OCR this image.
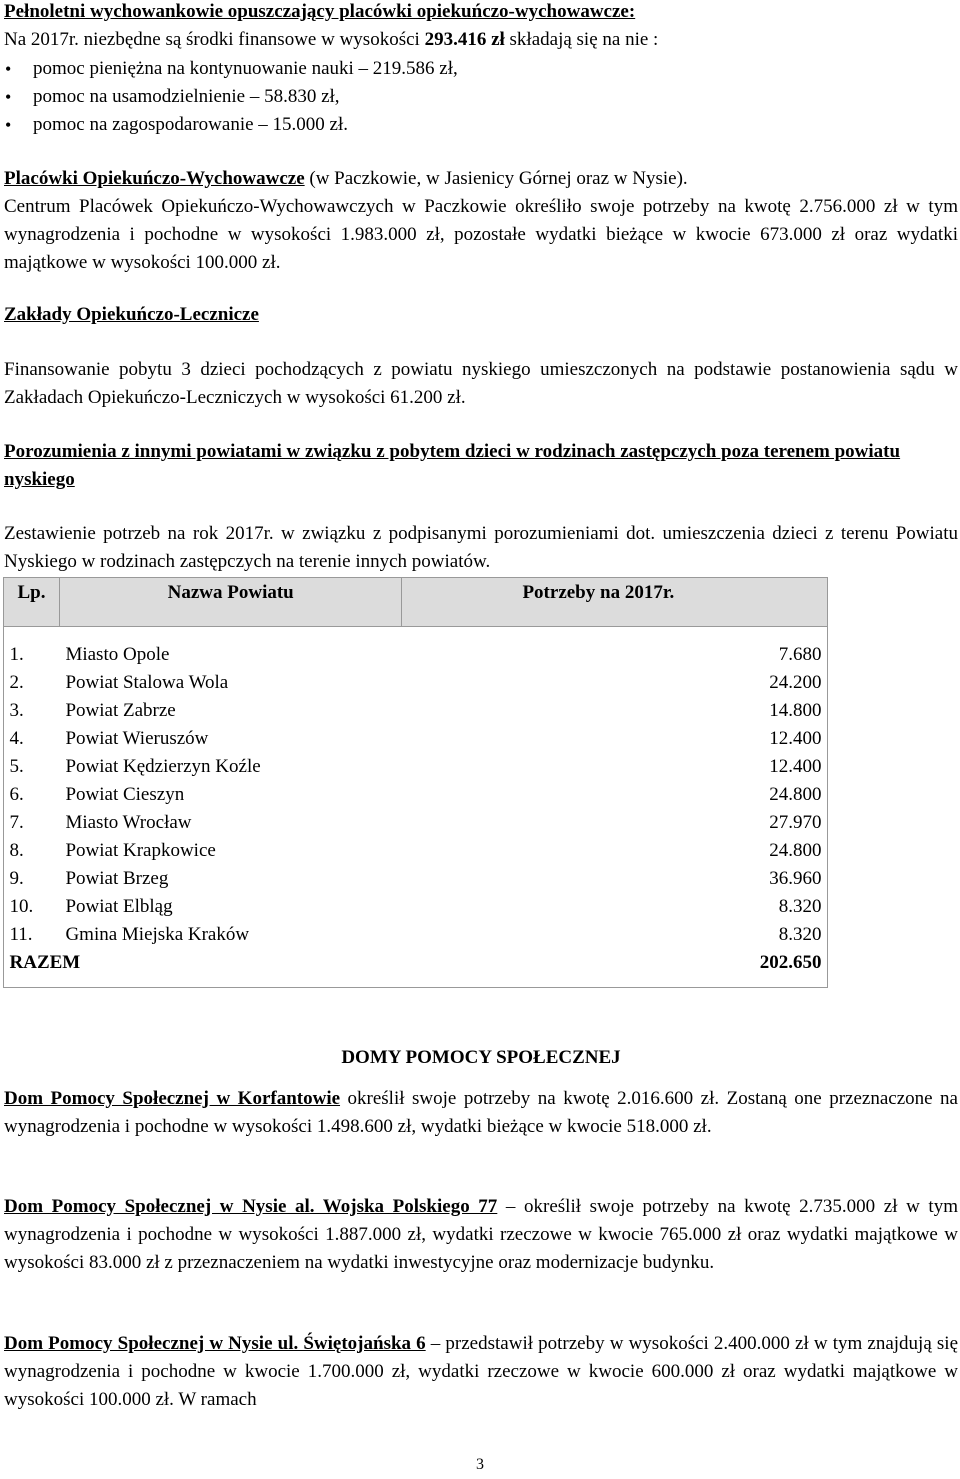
Pełnoletni wychowankowie opuszczający placówki opiekuńczo-wychowawcze:
Na 2017r. niezbędne są środki finansowe w wysokości 293.416 zł składają się na nie :
• pomoc pieniężna na kontynuowanie nauki – 219.586 zł,
• pomoc na usamodzielnienie – 58.830 zł,
• pomoc na zagospodarowanie – 15.000 zł.
Placówki Opiekuńczo-Wychowawcze (w Paczkowie, w Jasienicy Górnej oraz w Nysie).
Centrum Placówek Opiekuńczo-Wychowawczych w Paczkowie określiło swoje potrzeby na kwotę 2.756.000 zł w tym wynagrodzenia i pochodne w wysokości 1.983.000 zł, pozostałe wydatki bieżące w kwocie 673.000 zł oraz wydatki majątkowe w wysokości 100.000 zł.
Zakłady Opiekuńczo-Lecznicze
Finansowanie pobytu 3 dzieci pochodzących z powiatu nyskiego umieszczonych na podstawie postanowienia sądu w Zakładach Opiekuńczo-Leczniczych w wysokości 61.200 zł.
Porozumienia z innymi powiatami w związku z pobytem dzieci w rodzinach zastępczych poza terenem powiatu nyskiego
Zestawienie potrzeb na rok 2017r. w związku z podpisanymi porozumieniami dot. umieszczenia dzieci z terenu Powiatu Nyskiego w rodzinach zastępczych na terenie innych powiatów.
Lp.	Nazwa Powiatu	Potrzeby na 2017r.

1.	Miasto Opole	7.680
2.	Powiat Stalowa Wola	24.200
3.	Powiat Zabrze	14.800
4.	Powiat Wieruszów	12.400
5.	Powiat Kędzierzyn Koźle	12.400
6.	Powiat Cieszyn	24.800
7.	Miasto Wrocław	27.970
8.	Powiat Krapkowice	24.800
9.	Powiat Brzeg	36.960
10.	Powiat Elbląg	8.320
11.	Gmina Miejska Kraków	8.320
RAZEM		202.650
DOMY POMOCY SPOŁECZNEJ
Dom Pomocy Społecznej w Korfantowie określił swoje potrzeby na kwotę 2.016.600 zł. Zostaną one przeznaczone na wynagrodzenia i pochodne w wysokości 1.498.600 zł, wydatki bieżące w kwocie 518.000 zł.
Dom Pomocy Społecznej w Nysie al. Wojska Polskiego 77 – określił swoje potrzeby na kwotę 2.735.000 zł w tym wynagrodzenia i pochodne w wysokości 1.887.000 zł, wydatki rzeczowe w kwocie 765.000 zł oraz wydatki majątkowe w wysokości 83.000 zł z przeznaczeniem na wydatki inwestycyjne oraz modernizacje budynku.
Dom Pomocy Społecznej w Nysie ul. Świętojańska 6 – przedstawił potrzeby w wysokości 2.400.000 zł w tym znajdują się wynagrodzenia i pochodne w kwocie 1.700.000 zł, wydatki rzeczowe w kwocie 600.000 zł oraz wydatki majątkowe w wysokości 100.000 zł. W ramach
3
